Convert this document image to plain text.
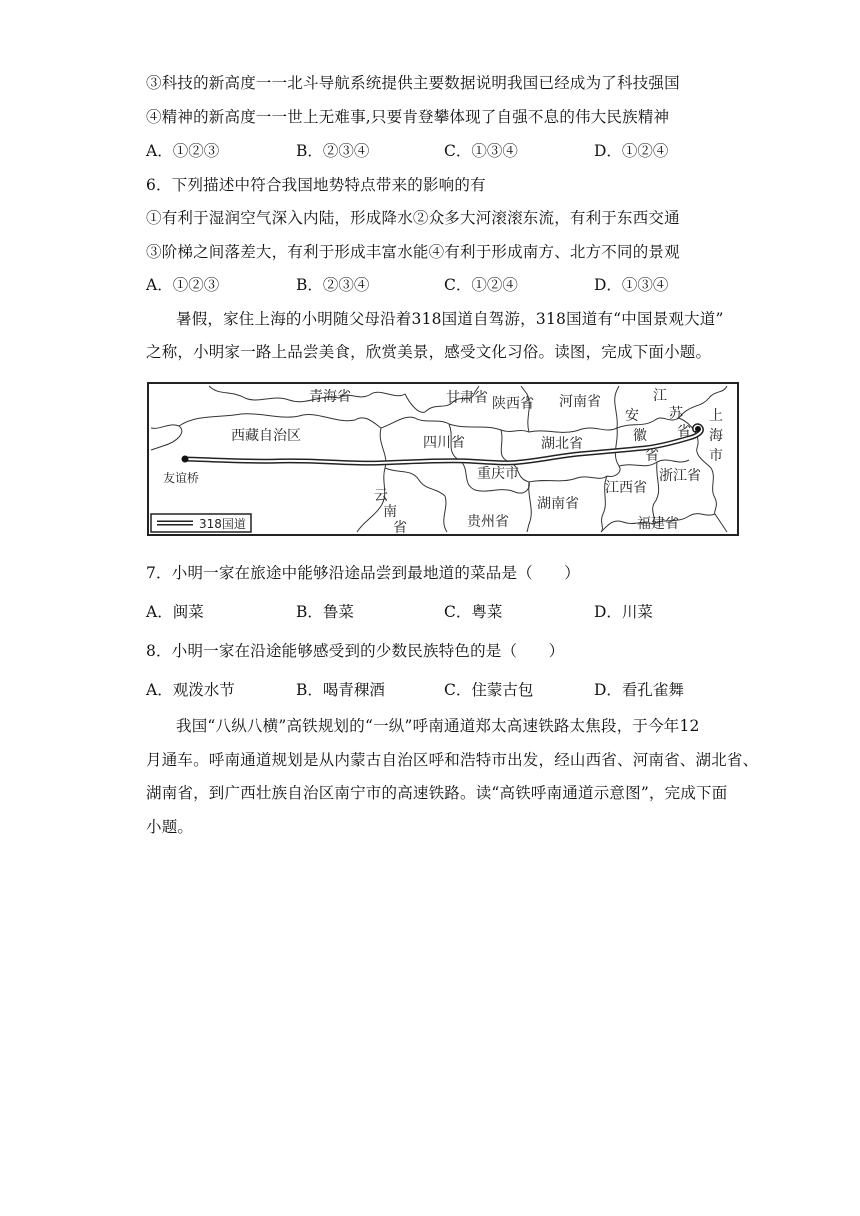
③科技的新高度一一北斗导航系统提供主要数据说明我国已经成为了科技强国
④精神的新高度一一世上无难事,只要肯登攀体现了自强不息的伟大民族精神
A．①②③	B．②③④	C．①③④	D．①②④
6．下列描述中符合我国地势特点带来的影响的有
①有利于湿润空气深入内陆，形成降水②众多大河滚滚东流，有利于东西交通
③阶梯之间落差大，有利于形成丰富水能④有利于形成南方、北方不同的景观
A．①②③	B．②③④	C．①②④	D．①③④
暑假，家住上海的小明随父母沿着318国道自驾游，318国道有“中国景观大道”
之称，小明家一路上品尝美食，欣赏美景，感受文化习俗。读图，完成下面小题。
青海省	甘肃省 陕西省 河南省	江
苏
省
安
徽
省
上
海
市
西藏自治区	四川省	湖北省
重庆市	浙江省
江西省
湖南省
云
南
省	贵州省	福建省
友谊桥
318国道
7．小明一家在旅途中能够沿途品尝到最地道的菜品是（　　）
A．闽菜	B．鲁菜	C．粤菜	D．川菜
8．小明一家在沿途能够感受到的少数民族特色的是（　　）
A．观泼水节	B．喝青稞酒	C．住蒙古包	D．看孔雀舞
我国“八纵八横”高铁规划的“一纵”呼南通道郑太高速铁路太焦段，于今年12
月通车。呼南通道规划是从内蒙古自治区呼和浩特市出发，经山西省、河南省、湖北省、
湖南省，到广西壮族自治区南宁市的高速铁路。读“高铁呼南通道示意图”，完成下面
小题。
